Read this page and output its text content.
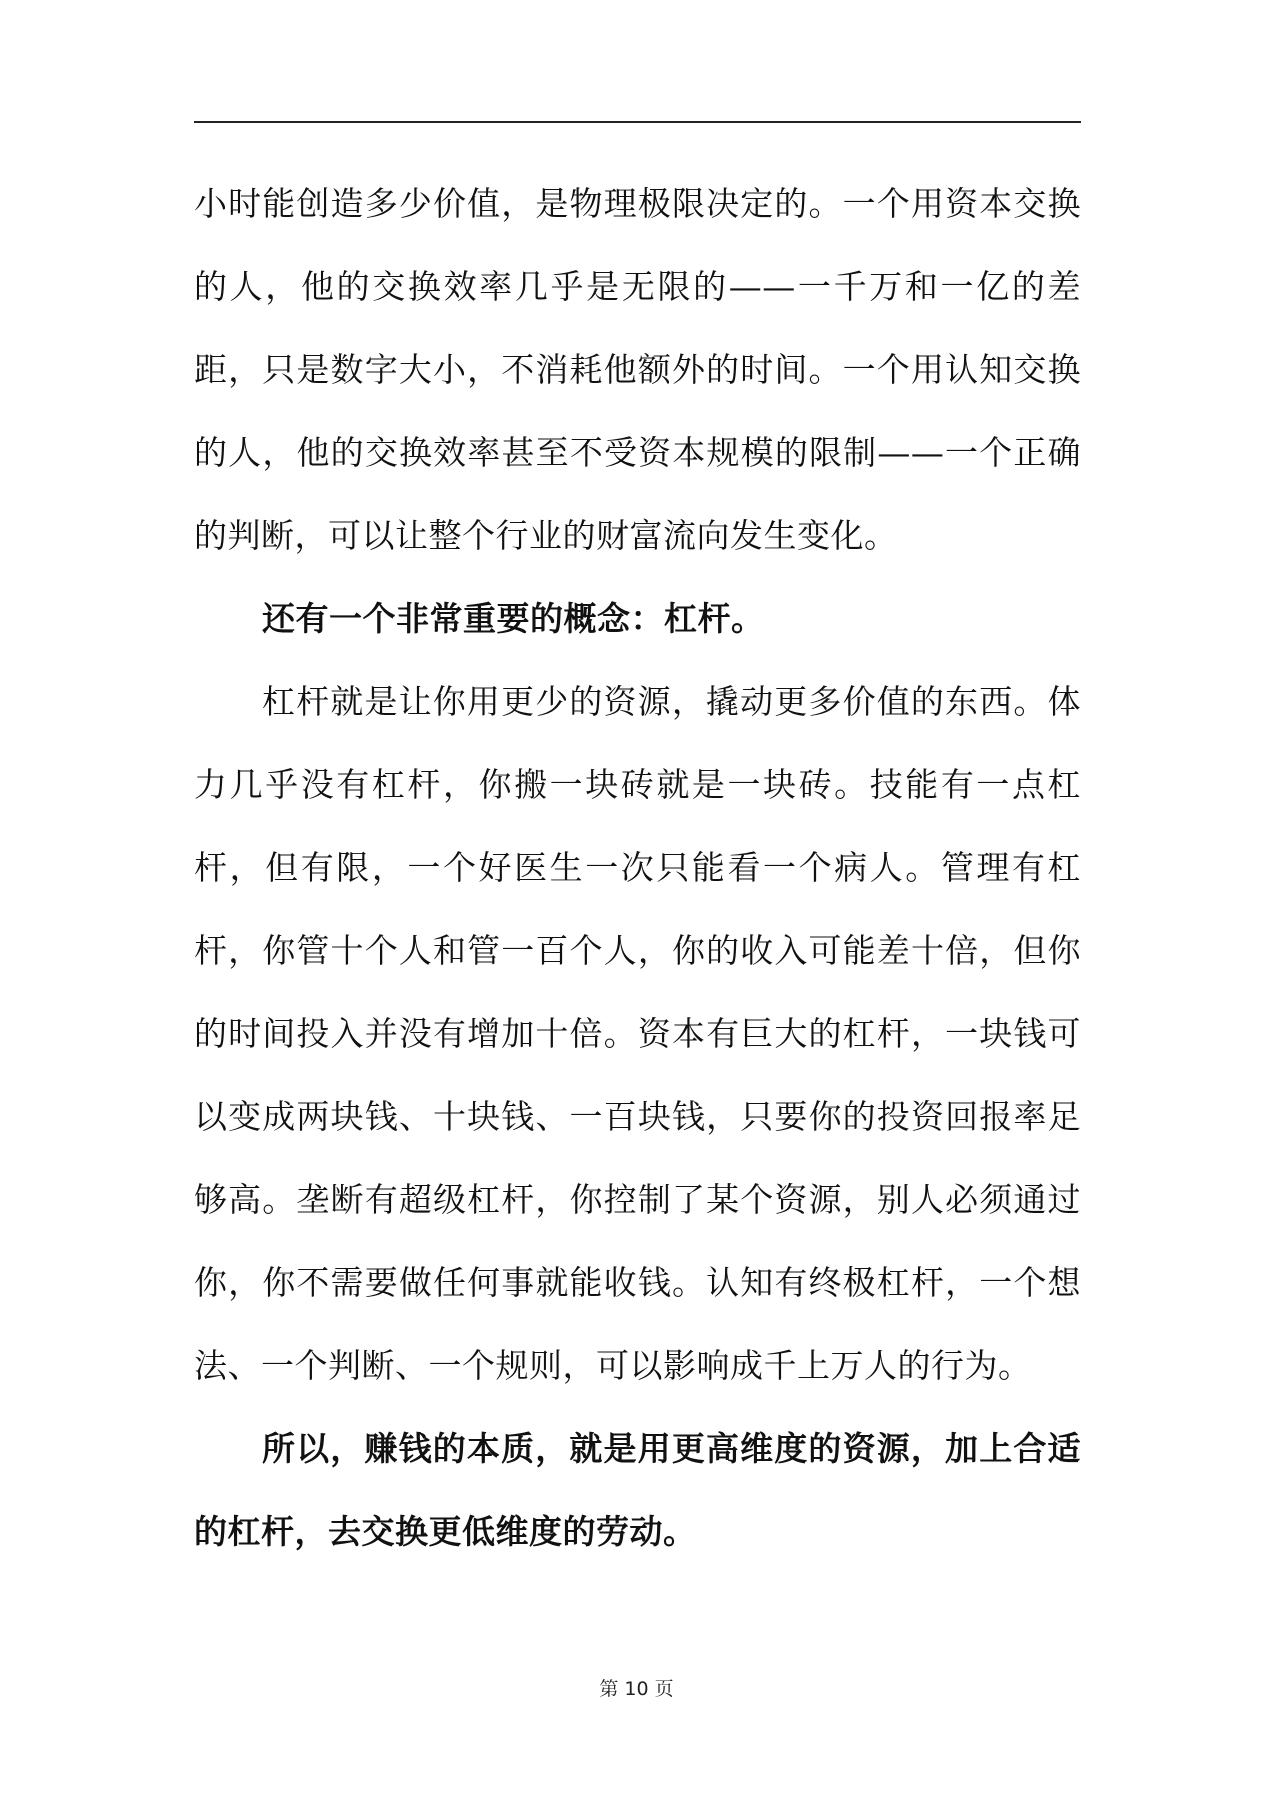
小时能创造多少价值，是物理极限决定的。一个用资本交换的人，他的交换效率几乎是无限的——一千万和一亿的差距，只是数字大小，不消耗他额外的时间。一个用认知交换的人，他的交换效率甚至不受资本规模的限制——一个正确的判断，可以让整个行业的财富流向发生变化。

还有一个非常重要的概念：杠杆。

杠杆就是让你用更少的资源，撬动更多价值的东西。体力几乎没有杠杆，你搬一块砖就是一块砖。技能有一点杠杆，但有限，一个好医生一次只能看一个病人。管理有杠杆，你管十个人和管一百个人，你的收入可能差十倍，但你的时间投入并没有增加十倍。资本有巨大的杠杆，一块钱可以变成两块钱、十块钱、一百块钱，只要你的投资回报率足够高。垄断有超级杠杆，你控制了某个资源，别人必须通过你，你不需要做任何事就能收钱。认知有终极杠杆，一个想法、一个判断、一个规则，可以影响成千上万人的行为。

所以，赚钱的本质，就是用更高维度的资源，加上合适的杠杆，去交换更低维度的劳动。

第 10 页
